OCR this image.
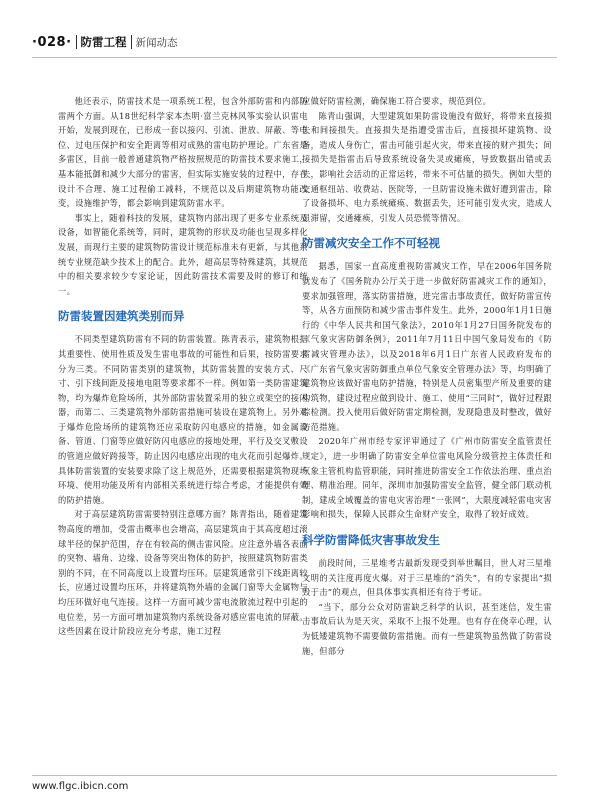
·028· 防雷工程 新闻动态

他还表示，防雷技术是一项系统工程，包含外部防雷和内部防雷两个方面。从18世纪科学家本杰明·富兰克林风筝实验认识雷电开始，发展到现在，已形成一套以接闪、引流、泄放、屏蔽、等电位、过电压保护和安全距离等相对成熟的雷电防护理论。广东省是多雷区，目前一般普通建筑物严格按照规范的防雷技术要求施工，基本能抵御和减少大部分的雷害，但实际实施安装的过程中，存在设计不合理、施工过程偷工减料，不规范以及后期建筑物功能改变，设施维护等，都会影响到建筑防雷水平。

事实上，随着科技的发展，建筑物内部出现了更多专业系统及设备，如智能化系统等，同时，建筑物的形状及功能也呈现多样化发展，而现行主要的建筑物防雷设计规范标准未有更新，与其他系统专业规范缺少技术上的配合。此外，超高层等特殊建筑，其规范中的相关要求较少专家论证，因此防雷技术需要及时的修订和统一。

防雷装置因建筑类别而异

不同类型建筑防雷有不同的防雷装置。陈青表示，建筑物根据其重要性、使用性质及发生雷电事故的可能性和后果，按防雷要求分为三类。不同防雷类别的建筑物，其防雷装置的安装方式、尺寸、引下线间距及接地电阻等要求都不一样。例如第一类防雷建筑物，均为爆炸危险场所，其外部防雷装置采用的独立或架空的接闪器，而第二、三类建筑物外部防雷措施可装设在建筑物上。另外对于爆炸危险场所的建筑物还应采取防闪电感应的措施，如金属设备、管道、门窗等应做好防闪电感应的接地处理，平行及交叉敷设的管道应做好跨接等，防止因闪电感应出现的电火花而引起爆炸。具体防雷装置的安装要求除了这上规范外，还需要根据建筑物现场环境、使用功能及所有内部相关系统进行综合考虑，才能提供有效的防护措施。

对于高层建筑防雷需要特别注意哪方面？陈青指出，随着建筑物高度的增加，受雷击概率也会增高，高层建筑由于其高度超过滚球半径的保护范围，存在有较高的侧击雷风险。应注意外墙各表面的突物、墙角、边缘、设备等突出物体的防护，按照建筑物防雷类别的不同，在不同高度以上设置均压环。层建筑通常引下线距离较长，应通过设置均压环，并将建筑物外墙的金属门窗等大金属物与均压环做好电气连接。这样一方面可减少雷电流散流过程中引起的电位差，另一方面可增加建筑物内系统设备对感应雷电流的屏蔽。这些因素在设计阶段应充分考虑，施工过程

应做好防雷检测，确保施工符合要求，规范到位。

陈青山强调，大型建筑如果防雷设施没有做好，将带来直接损失和间接损失。直接损失是指遭受雷击后，直接损坏建筑物、设备，造成人身伤亡，雷击可能引起火灾，带来直接的财产损失；间接损失是指雷击后导致系统设备失灵或瘫痪，导致数据出错或丢失，影响社会活动的正常运转，带来不可估量的损失。例如大型的交通枢纽站、收费站、医院等，一旦防雷设施未做好遭到雷击，除了设备损坏、电力系统瘫痪、数据丢失，还可能引发火灾，造成人员滞留，交通瘫痪，引发人员恐慌等情况。

防雷减灾安全工作不可轻视

据悉，国家一直高度重视防雷减灾工作，早在2006年国务院就发布了《国务院办公厅关于进一步做好防雷减灾工作的通知》，要求加强管理，落实防雷措施，进完雷击事故责任，做好防雷宣传等，从各方面预防和减少雷击事件发生。此外，2000年1月1日施行的《中华人民共和国气象法》，2010年1月27日国务院发布的《气象灾害防御条例》，2011年7月11日中国气象局发布的《防雷减灾管理办法》，以及2018年6月1日广东省人民政府发布的《广东省气象灾害防御重点单位气象安全管理办法》等，均明确了建筑物应该做好雷电防护措施，特别是人员密集型产所及重要的建构筑物，建设过程应做到设计、施工、使用“三同时”，做好过程跟踪检测。投入使用后做好防雷定期检测，发现隐患及时整改，做好防范措施。

2020年广州市经专家评审通过了《广州市防雷安全监管责任规定》，进一步明确了防雷安全单位雷电风险分级管控主体责任和气象主管机构监管职能，同时推进防雷安全工作依法治理、重点治理、精准治理。同年，深圳市加强防雷安全监管，健全部门联动机制，建成全域覆盖的雷电灾害治理“一张网”，大限度减轻雷电灾害影响和损失，保障人民群众生命财产安全，取得了较好成效。

科学防雷降低灾害事故发生

前段时间，三星堆考古最新发现受到举世瞩目，世人对三星堆文明的关注度再度火爆。对于三星堆的“消失”，有的专家提出“损毁于击”的观点，但具体事实真相还有待于考证。

“当下，部分公众对防雷缺乏科学的认识，甚至迷信，发生雷击事故后认为是天灾，采取不上报不处理。也有存在侥幸心理，认为低矮建筑物不需要做防雷措施。而有一些建筑物虽然做了防雷设施，但部分

www.flgc.ibicn.com
